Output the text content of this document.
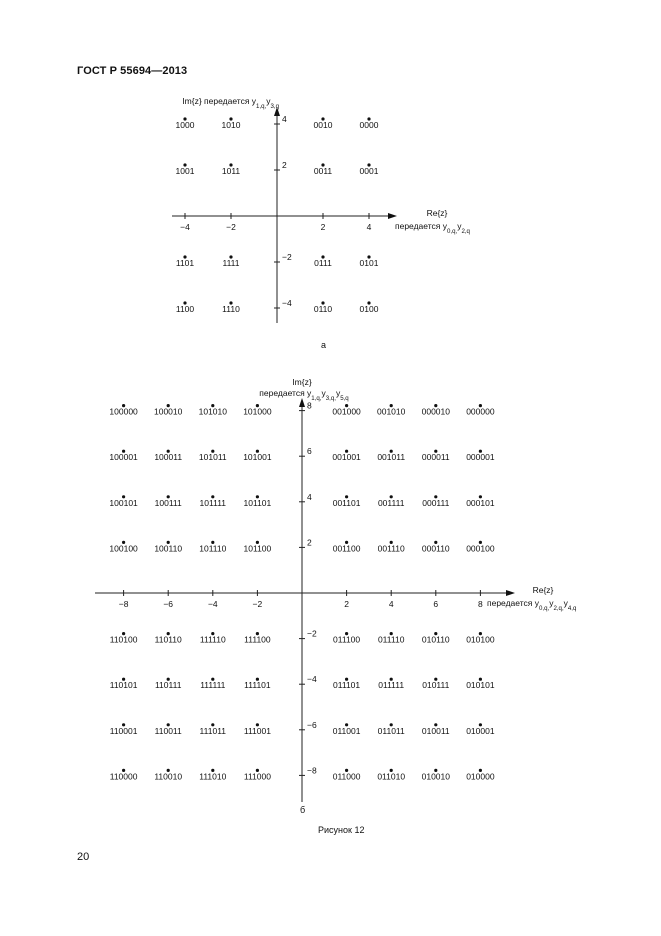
ГОСТ Р 55694—2013
−4	−2	2	4
4
2
−2
−4
1000	1010	0010	0000
1001	1011	0011	0001
1101	1111	0111	0101
1100	1110	0110	0100
Im{z} передается $y_{1,q,}y_{3,q}$
Re{z}
передается $y_{0,q,}y_{2,q}$
а
−8	−6	−4	−2	2	4	6	8
8
6
4
2
−2
−4
−6
−8
100000 100010 101010 101000	001000 001010 000010 000000
100001 100011 101011 101001	001001 001011 000011 000001
100101 100111 101111 101101	001101 001111 000111 000101
100100 100110 101110 101100	001100 001110 000110 000100
110100 110110 111110 111100	011100 011110 010110 010100
110101 110111 111111 111101	011101 011111 010111 010101
110001 110011 111011 111001	011001 011011 010011 010001
110000 110010 111010 111000	011000 011010 010010 010000
Im{z}
передается $y_{1,q,}y_{3,q,}y_{5,q}$
Re{z}
передается $y_{0,q,}y_{2,q,}y_{4,q}$
б
Рисунок 12
20
